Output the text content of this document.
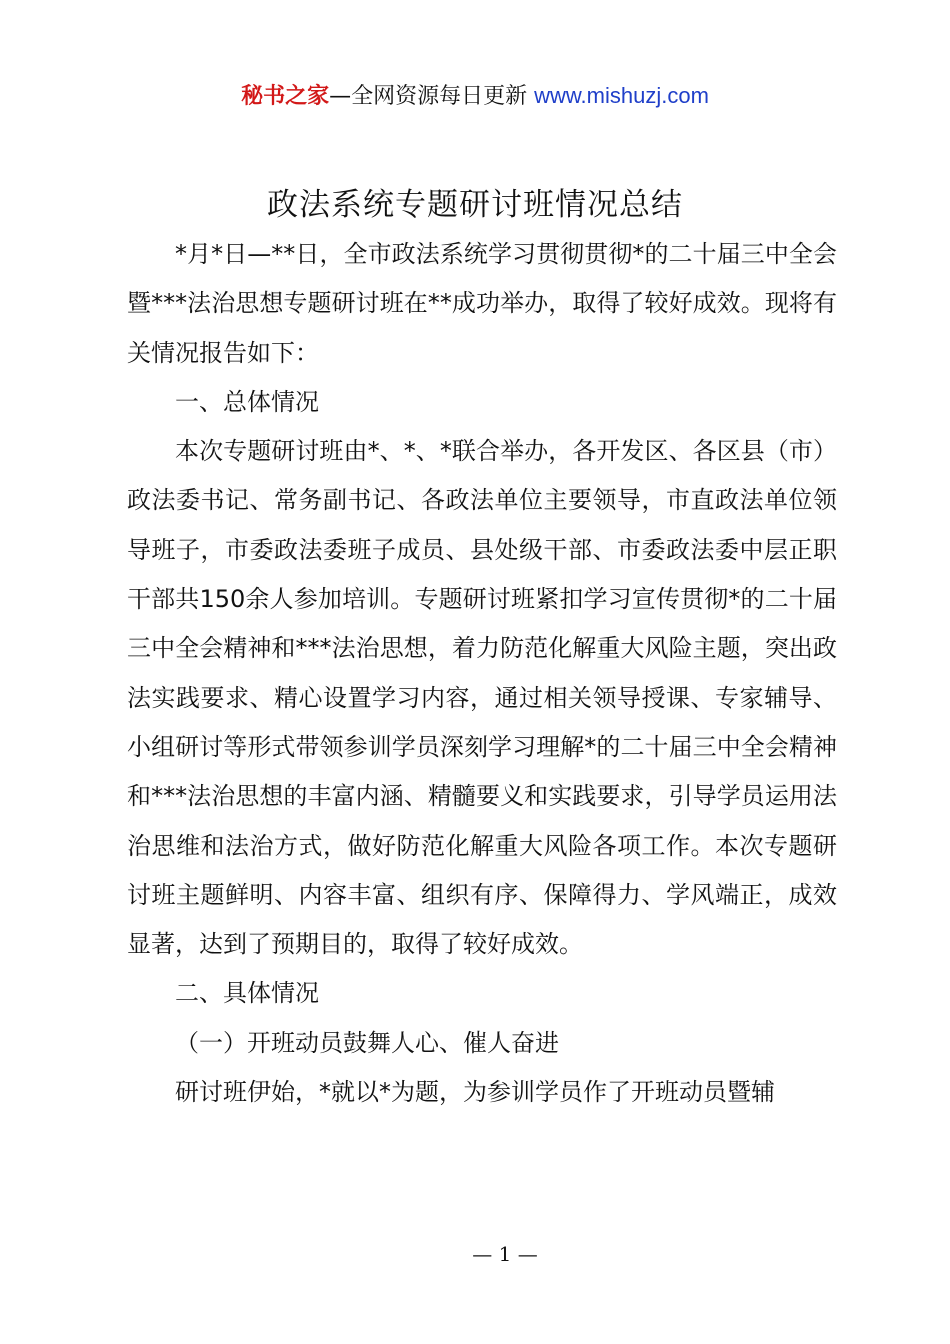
秘书之家—全网资源每日更新 www.mishuzj.com
政法系统专题研讨班情况总结

*月*日—**日，全市政法系统学习贯彻贯彻*的二十届三中全会暨***法治思想专题研讨班在**成功举办，取得了较好成效。现将有关情况报告如下：

一、总体情况

本次专题研讨班由*、*、*联合举办，各开发区、各区县（市）政法委书记、常务副书记、各政法单位主要领导，市直政法单位领导班子，市委政法委班子成员、县处级干部、市委政法委中层正职干部共150余人参加培训。专题研讨班紧扣学习宣传贯彻*的二十届三中全会精神和***法治思想，着力防范化解重大风险主题，突出政法实践要求、精心设置学习内容，通过相关领导授课、专家辅导、小组研讨等形式带领参训学员深刻学习理解*的二十届三中全会精神和***法治思想的丰富内涵、精髓要义和实践要求，引导学员运用法治思维和法治方式，做好防范化解重大风险各项工作。本次专题研讨班主题鲜明、内容丰富、组织有序、保障得力、学风端正，成效显著，达到了预期目的，取得了较好成效。

二、具体情况

（一）开班动员鼓舞人心、催人奋进

研讨班伊始，*就以*为题，为参训学员作了开班动员暨辅

— 1 —
